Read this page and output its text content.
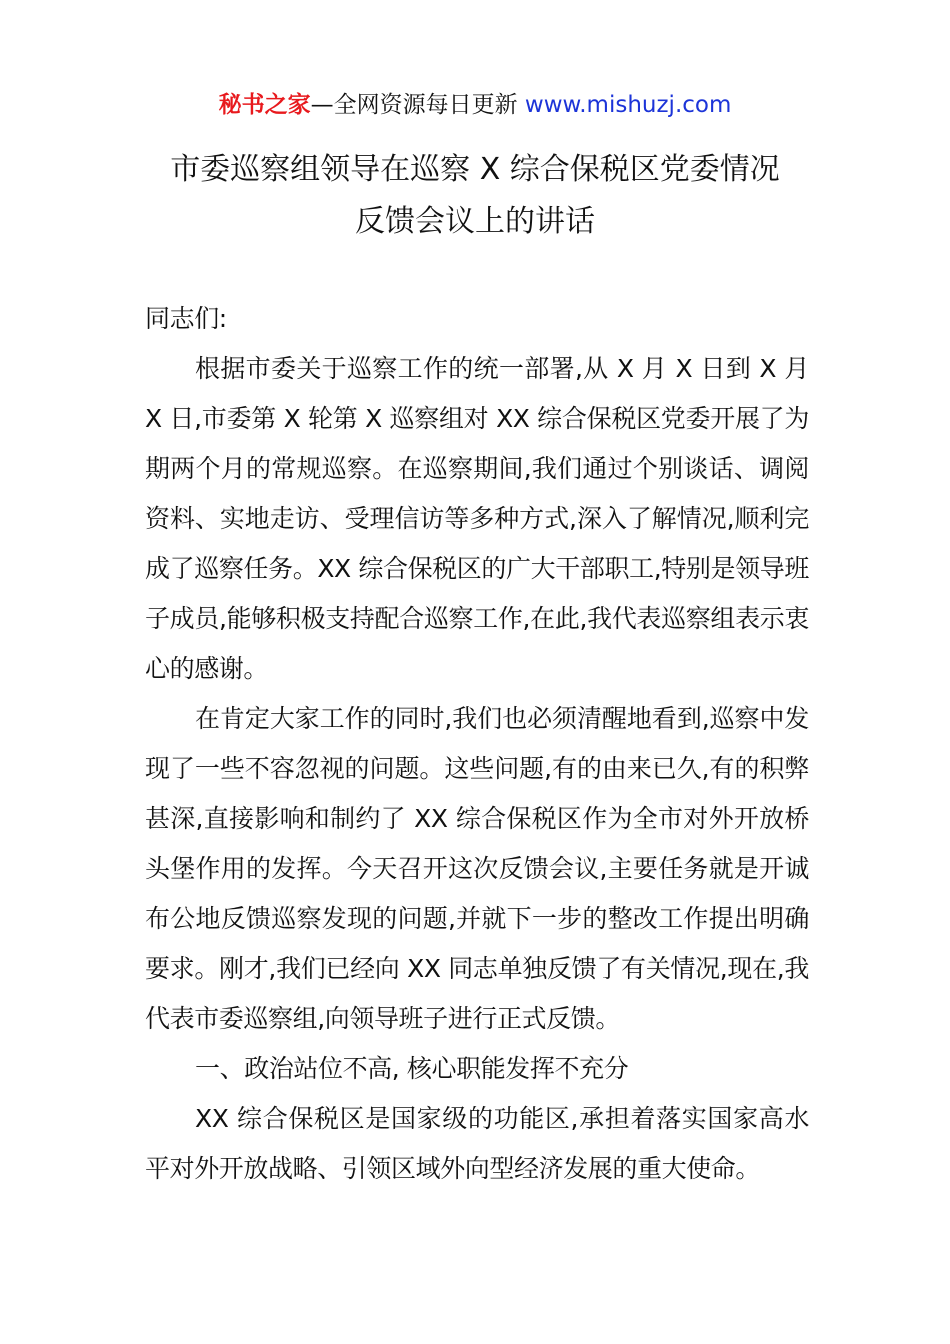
秘书之家—全网资源每日更新 www.mishuzj.com
市委巡察组领导在巡察 X 综合保税区党委情况
反馈会议上的讲话

同志们:

根据市委关于巡察工作的统一部署,从 X 月 X 日到 X 月 X 日,市委第 X 轮第 X 巡察组对 XX 综合保税区党委开展了为期两个月的常规巡察。在巡察期间,我们通过个别谈话、调阅资料、实地走访、受理信访等多种方式,深入了解情况,顺利完成了巡察任务。XX 综合保税区的广大干部职工,特别是领导班子成员,能够积极支持配合巡察工作,在此,我代表巡察组表示衷心的感谢。

在肯定大家工作的同时,我们也必须清醒地看到,巡察中发现了一些不容忽视的问题。这些问题,有的由来已久,有的积弊甚深,直接影响和制约了 XX 综合保税区作为全市对外开放桥头堡作用的发挥。今天召开这次反馈会议,主要任务就是开诚布公地反馈巡察发现的问题,并就下一步的整改工作提出明确要求。刚才,我们已经向 XX 同志单独反馈了有关情况,现在,我代表市委巡察组,向领导班子进行正式反馈。

一、政治站位不高, 核心职能发挥不充分

XX 综合保税区是国家级的功能区,承担着落实国家高水平对外开放战略、引领区域外向型经济发展的重大使命。
